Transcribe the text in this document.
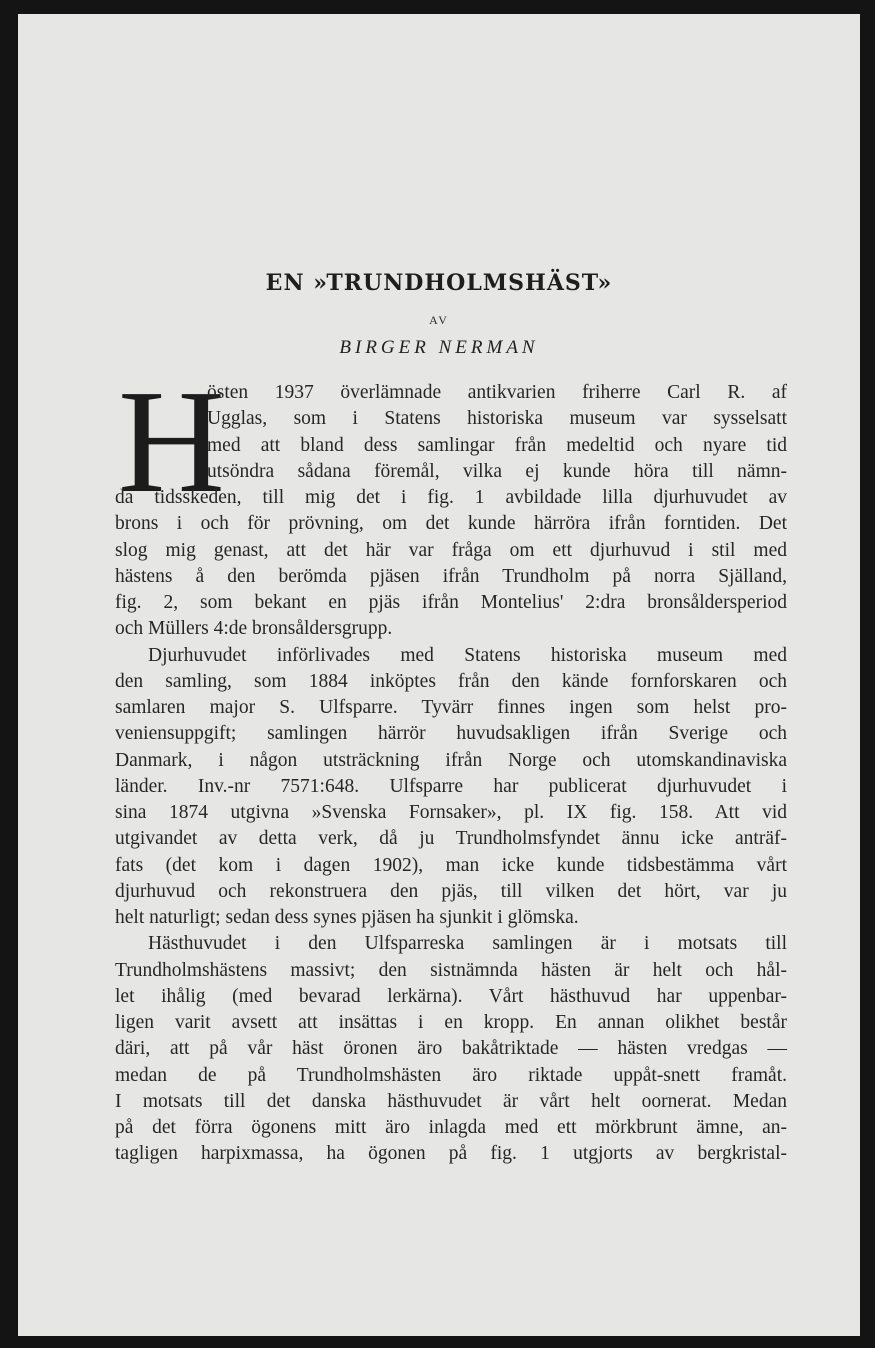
EN »TRUNDHOLMSHÄST»
AV
BIRGER NERMAN
H
östen 1937 överlämnade antikvarien friherre Carl R. af
Ugglas, som i Statens historiska museum var sysselsatt
med att bland dess samlingar från medeltid och nyare tid
utsöndra sådana föremål, vilka ej kunde höra till nämn-
da tidsskeden, till mig det i fig. 1 avbildade lilla djurhuvudet av
brons i och för prövning, om det kunde härröra ifrån forntiden. Det
slog mig genast, att det här var fråga om ett djurhuvud i stil med
hästens å den berömda pjäsen ifrån Trundholm på norra Själland,
fig. 2, som bekant en pjäs ifrån Montelius' 2:dra bronsåldersperiod
och Müllers 4:de bronsåldersgrupp.
Djurhuvudet införlivades med Statens historiska museum med
den samling, som 1884 inköptes från den kände fornforskaren och
samlaren major S. Ulfsparre. Tyvärr finnes ingen som helst pro-
veniensuppgift; samlingen härrör huvudsakligen ifrån Sverige och
Danmark, i någon utsträckning ifrån Norge och utomskandinaviska
länder. Inv.-nr 7571:648. Ulfsparre har publicerat djurhuvudet i
sina 1874 utgivna »Svenska Fornsaker», pl. IX fig. 158. Att vid
utgivandet av detta verk, då ju Trundholmsfyndet ännu icke anträf-
fats (det kom i dagen 1902), man icke kunde tidsbestämma vårt
djurhuvud och rekonstruera den pjäs, till vilken det hört, var ju
helt naturligt; sedan dess synes pjäsen ha sjunkit i glömska.
Hästhuvudet i den Ulfsparreska samlingen är i motsats till
Trundholmshästens massivt; den sistnämnda hästen är helt och hål-
let ihålig (med bevarad lerkärna). Vårt hästhuvud har uppenbar-
ligen varit avsett att insättas i en kropp. En annan olikhet består
däri, att på vår häst öronen äro bakåtriktade — hästen vredgas —
medan de på Trundholmshästen äro riktade uppåt-snett framåt.
I motsats till det danska hästhuvudet är vårt helt oornerat. Medan
på det förra ögonens mitt äro inlagda med ett mörkbrunt ämne, an-
tagligen harpixmassa, ha ögonen på fig. 1 utgjorts av bergkristal-
